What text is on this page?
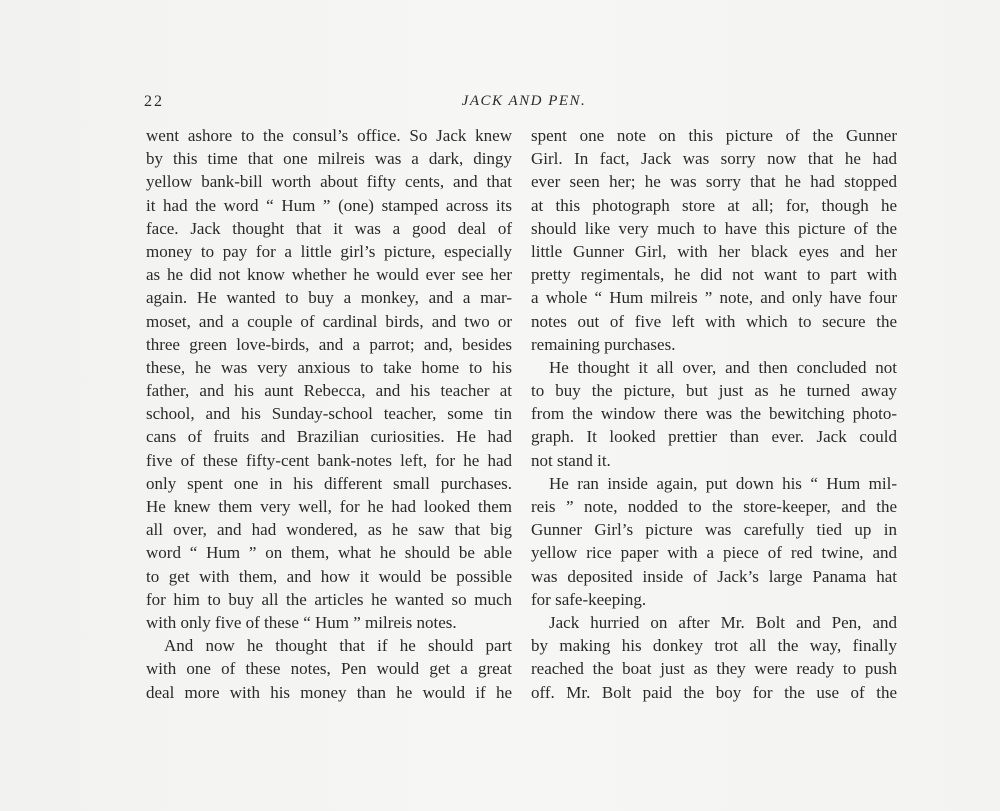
22	JACK AND PEN.
went ashore to the consul’s office. So Jack knew
by this time that one milreis was a dark, dingy
yellow bank-bill worth about fifty cents, and that
it had the word “ Hum ” (one) stamped across its
face. Jack thought that it was a good deal of
money to pay for a little girl’s picture, especially
as he did not know whether he would ever see her
again. He wanted to buy a monkey, and a mar-
moset, and a couple of cardinal birds, and two or
three green love-birds, and a parrot; and, besides
these, he was very anxious to take home to his
father, and his aunt Rebecca, and his teacher at
school, and his Sunday-school teacher, some tin
cans of fruits and Brazilian curiosities. He had
five of these fifty-cent bank-notes left, for he had
only spent one in his different small purchases.
He knew them very well, for he had looked them
all over, and had wondered, as he saw that big
word “ Hum ” on them, what he should be able
to get with them, and how it would be possible
for him to buy all the articles he wanted so much
with only five of these “ Hum ” milreis notes.
And now he thought that if he should part
with one of these notes, Pen would get a great
deal more with his money than he would if he
spent one note on this picture of the Gunner
Girl. In fact, Jack was sorry now that he had
ever seen her; he was sorry that he had stopped
at this photograph store at all; for, though he
should like very much to have this picture of the
little Gunner Girl, with her black eyes and her
pretty regimentals, he did not want to part with
a whole “ Hum milreis ” note, and only have four
notes out of five left with which to secure the
remaining purchases.
He thought it all over, and then concluded not
to buy the picture, but just as he turned away
from the window there was the bewitching photo-
graph. It looked prettier than ever. Jack could
not stand it.
He ran inside again, put down his “ Hum mil-
reis ” note, nodded to the store-keeper, and the
Gunner Girl’s picture was carefully tied up in
yellow rice paper with a piece of red twine, and
was deposited inside of Jack’s large Panama hat
for safe-keeping.
Jack hurried on after Mr. Bolt and Pen, and
by making his donkey trot all the way, finally
reached the boat just as they were ready to push
off. Mr. Bolt paid the boy for the use of the
